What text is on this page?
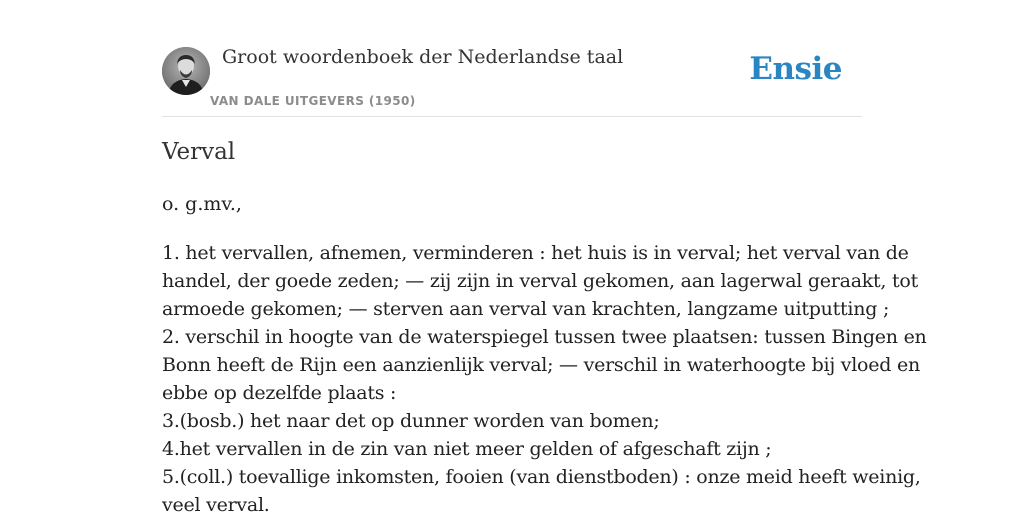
Groot woordenboek der Nederlandse taal
VAN DALE UITGEVERS (1950)
Ensie
Verval
o. g.mv.,
1. het vervallen, afnemen, verminderen : het huis is in verval; het verval van de
handel, der goede zeden; — zij zijn in verval gekomen, aan lagerwal geraakt, tot
armoede gekomen; — sterven aan verval van krachten, langzame uitputting ;
2. verschil in hoogte van de waterspiegel tussen twee plaatsen: tussen Bingen en
Bonn heeft de Rijn een aanzienlijk verval; — verschil in waterhoogte bij vloed en
ebbe op dezelfde plaats :
3.(bosb.) het naar det op dunner worden van bomen;
4.het vervallen in de zin van niet meer gelden of afgeschaft zijn ;
5.(coll.) toevallige inkomsten, fooien (van dienstboden) : onze meid heeft weinig,
veel verval.
